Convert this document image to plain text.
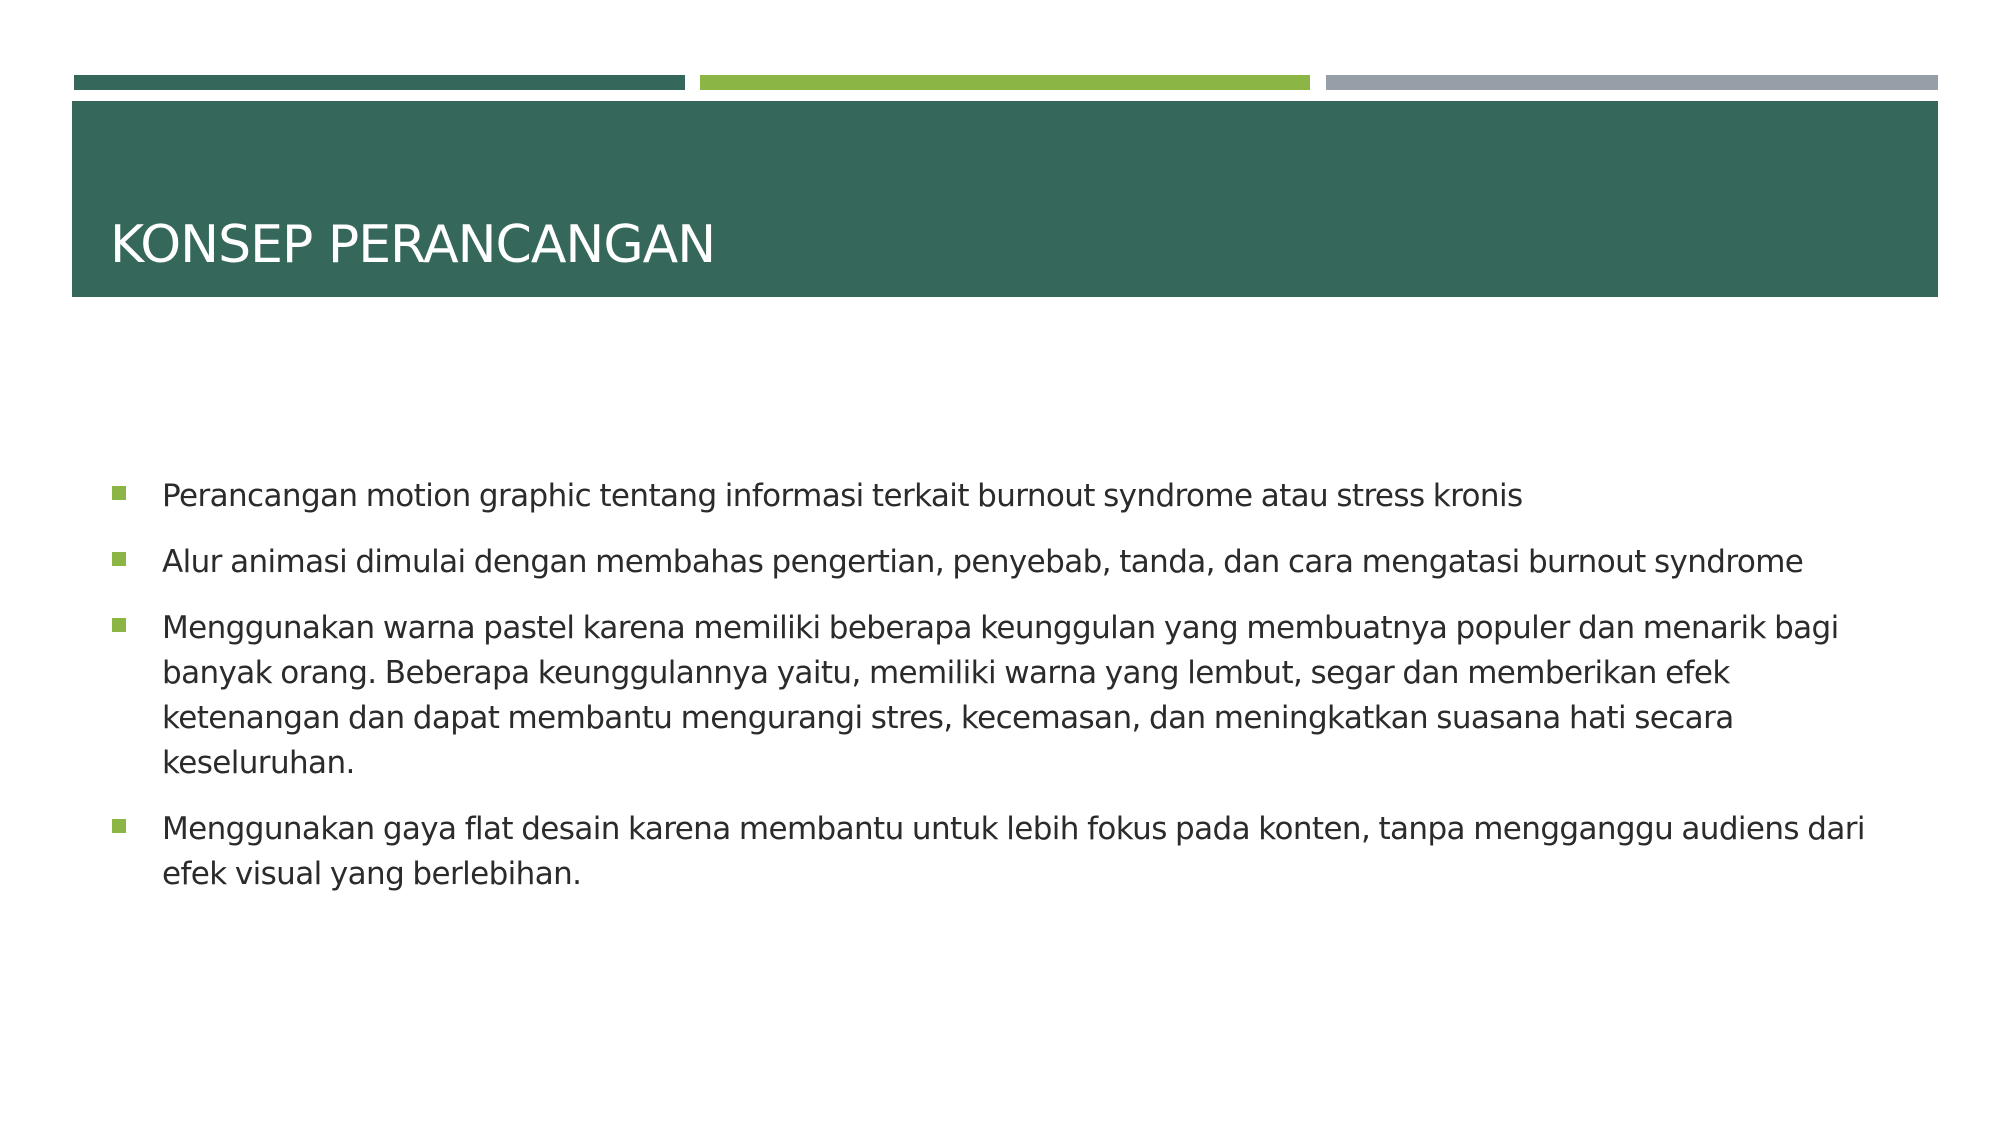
KONSEP PERANCANGAN
Perancangan motion graphic tentang informasi terkait burnout syndrome atau stress kronis
Alur animasi dimulai dengan membahas pengertian, penyebab, tanda, dan cara mengatasi burnout syndrome
Menggunakan warna pastel karena memiliki beberapa keunggulan yang membuatnya populer dan menarik bagi banyak orang. Beberapa keunggulannya yaitu, memiliki warna yang lembut, segar dan memberikan efek ketenangan dan dapat membantu mengurangi stres, kecemasan, dan meningkatkan suasana hati secara keseluruhan.
Menggunakan gaya flat desain karena membantu untuk lebih fokus pada konten, tanpa mengganggu audiens dari efek visual yang berlebihan.
